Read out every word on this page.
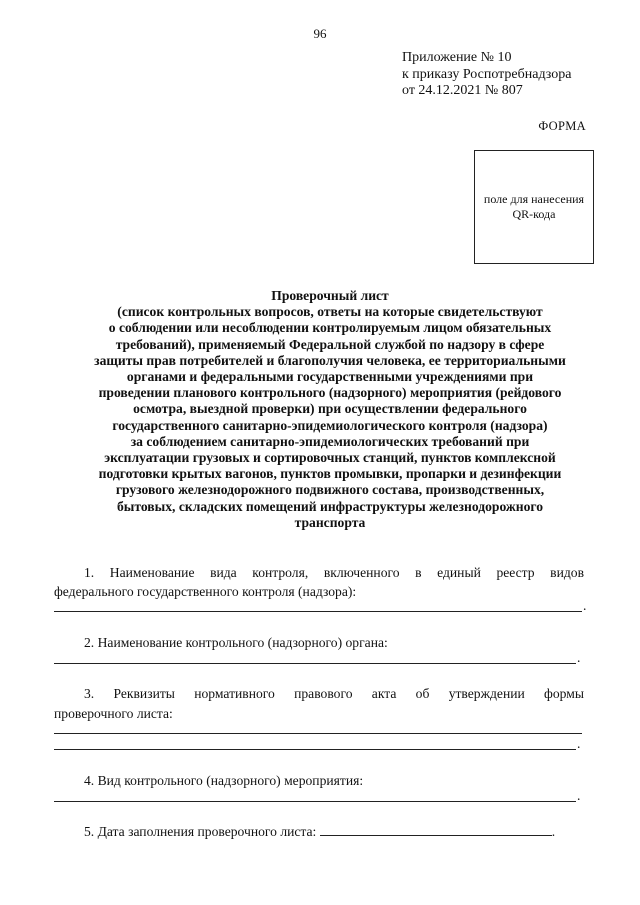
96
Приложение № 10
к приказу Роспотребнадзора
от 24.12.2021 № 807
ФОРМА
поле для нанесения
QR-кода
Проверочный лист
(список контрольных вопросов, ответы на которые свидетельствуют
о соблюдении или несоблюдении контролируемым лицом обязательных
требований), применяемый Федеральной службой по надзору в сфере
защиты прав потребителей и благополучия человека, ее территориальными
органами и федеральными государственными учреждениями при
проведении планового контрольного (надзорного) мероприятия (рейдового
осмотра, выездной проверки) при осуществлении федерального
государственного санитарно-эпидемиологического контроля (надзора)
за соблюдением санитарно-эпидемиологических требований при
эксплуатации грузовых и сортировочных станций, пунктов комплексной
подготовки крытых вагонов, пунктов промывки, пропарки и дезинфекции
грузового железнодорожного подвижного состава, производственных,
бытовых, складских помещений инфраструктуры железнодорожного
транспорта
1. Наименование вида контроля, включенного в единый реестр видов
федерального государственного контроля (надзора):
.
2. Наименование контрольного (надзорного) органа:
.
3. Реквизиты нормативного правового акта об утверждении формы
проверочного листа:
.
4. Вид контрольного (надзорного) мероприятия:
.
5. Дата заполнения проверочного листа:	.
